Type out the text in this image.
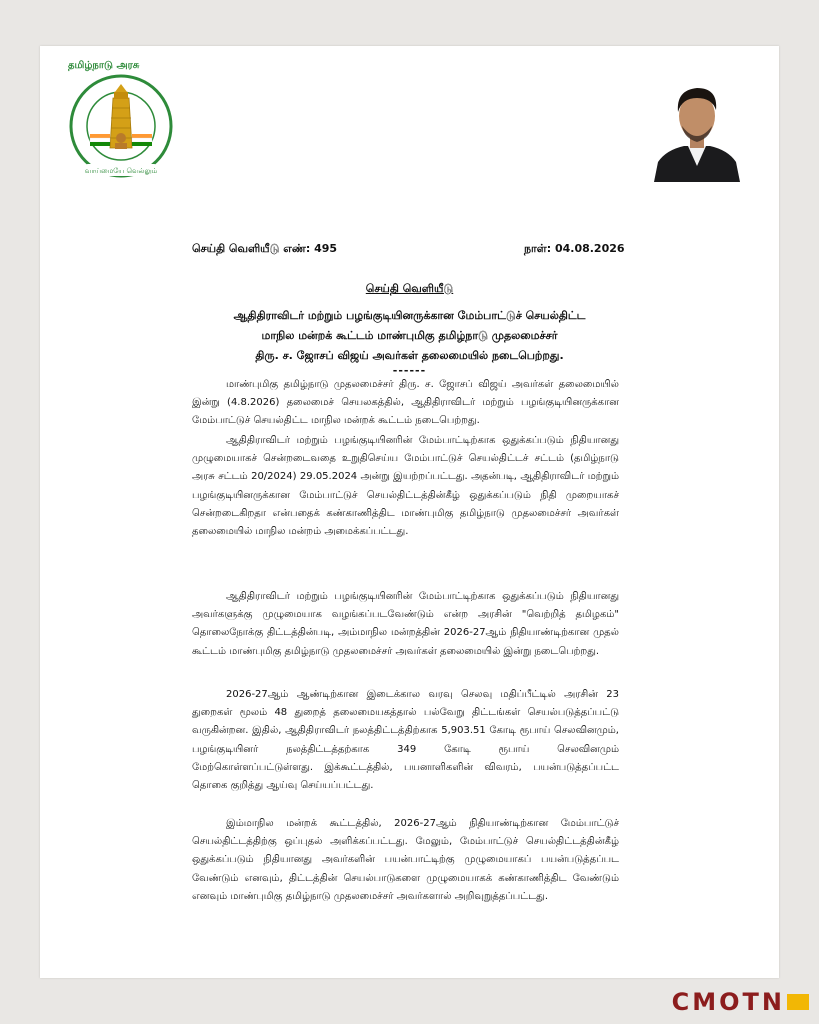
தமிழ்நாடு அரசு
வாய்மையே வெல்லும்
செய்தி வெளியீடு எண்: 495	நாள்: 04.08.2026
செய்தி வெளியீடு
ஆதிதிராவிடர் மற்றும் பழங்குடியினருக்கான மேம்பாட்டுச் செயல்திட்ட
மாநில மன்றக் கூட்டம் மாண்புமிகு தமிழ்நாடு முதலமைச்சர்
திரு. ச. ஜோசப் விஜய் அவர்கள் தலைமையில் நடைபெற்றது.
------

மாண்புமிகு தமிழ்நாடு முதலமைச்சர் திரு. ச. ஜோசப் விஜய் அவர்கள் தலைமையில் இன்று (4.8.2026) தலைமைச் செயலகத்தில், ஆதிதிராவிடர் மற்றும் பழங்குடியினருக்கான மேம்பாட்டுச் செயல்திட்ட மாநில மன்றக் கூட்டம் நடைபெற்றது.

ஆதிதிராவிடர் மற்றும் பழங்குடியினரின் மேம்பாட்டிற்காக ஒதுக்கப்படும் நிதியானது முழுமையாகச் சென்றடைவதை உறுதிசெய்ய மேம்பாட்டுச் செயல்திட்டச் சட்டம் (தமிழ்நாடு அரசு சட்டம் 20/2024) 29.05.2024 அன்று இயற்றப்பட்டது. அதன்படி, ஆதிதிராவிடர் மற்றும் பழங்குடியினருக்கான மேம்பாட்டுச் செயல்திட்டத்தின்கீழ் ஒதுக்கப்படும் நிதி முறையாகச் சென்றடைகிறதா என்பதைக் கண்காணித்திட மாண்புமிகு தமிழ்நாடு முதலமைச்சர் அவர்கள் தலைமையில் மாநில மன்றம் அமைக்கப்பட்டது.

ஆதிதிராவிடர் மற்றும் பழங்குடியினரின் மேம்பாட்டிற்காக ஒதுக்கப்படும் நிதியானது அவர்களுக்கு முழுமையாக வழங்கப்படவேண்டும் என்ற அரசின் "வெற்றித் தமிழகம்" தொலைநோக்கு திட்டத்தின்படி, அம்மாநில மன்றத்தின் 2026-27ஆம் நிதியாண்டிற்கான முதல் கூட்டம் மாண்புமிகு தமிழ்நாடு முதலமைச்சர் அவர்கள் தலைமையில் இன்று நடைபெற்றது.

2026-27ஆம் ஆண்டிற்கான இடைக்கால வரவு செலவு மதிப்பீட்டில் அரசின் 23 துறைகள் மூலம் 48 துறைத் தலைமையகத்தால் பல்வேறு திட்டங்கள் செயல்படுத்தப்பட்டு வருகின்றன. இதில், ஆதிதிராவிடர் நலத்திட்டத்திற்காக 5,903.51 கோடி ரூபாய் செலவினமும், பழங்குடியினர் நலத்திட்டத்தற்காக 349 கோடி ரூபாய் செலவினமும் மேற்கொள்ளப்பட்டுள்ளது. இக்கூட்டத்தில், பயனாளிகளின் விவரம், பயன்படுத்தப்பட்ட தொகை குறித்து ஆய்வு செய்யப்பட்டது.

இம்மாநில மன்றக் கூட்டத்தில், 2026-27ஆம் நிதியாண்டிற்கான மேம்பாட்டுச் செயல்திட்டத்திற்கு ஒப்புதல் அளிக்கப்பட்டது. மேலும், மேம்பாட்டுச் செயல்திட்டத்தின்கீழ் ஒதுக்கப்படும் நிதியானது அவர்களின் பயன்பாட்டிற்கு முழுமையாகப் பயன்படுத்தப்பட வேண்டும் எனவும், திட்டத்தின் செயல்பாடுகளை முழுமையாகக் கண்காணித்திட வேண்டும் எனவும் மாண்புமிகு தமிழ்நாடு முதலமைச்சர் அவர்களால் அறிவுறுத்தப்பட்டது.

CMOTN
